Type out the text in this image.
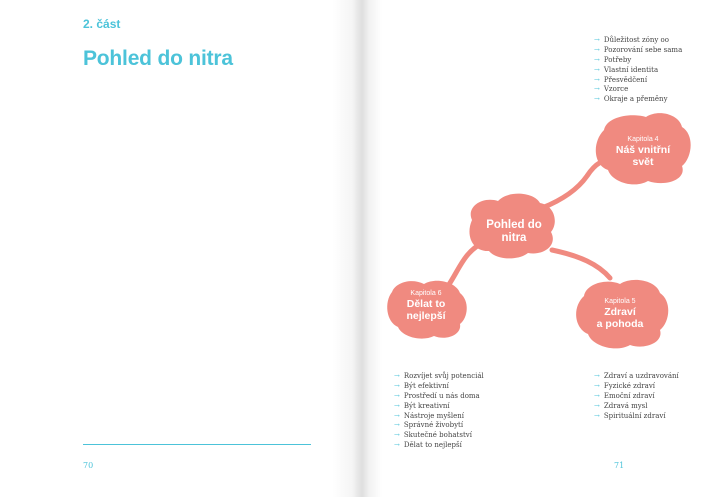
2. část
Pohled do nitra
70
→ Důležitost zóny oo
→ Pozorování sebe sama
→ Potřeby
→ Vlastní identita
→ Přesvědčení
→ Vzorce
→ Okraje a přeměny
→ Rozvíjet svůj potenciál
→ Být efektivní
→ Prostředí u nás doma
→ Být kreativní
→ Nástroje myšlení
→ Správné živobytí
→ Skutečné bohatství
→ Dělat to nejlepší
→ Zdraví a uzdravování
→ Fyzické zdraví
→ Emoční zdraví
→ Zdravá mysl
→ Spirituální zdraví
71
Kapitola 4
Náš vnitřní
svět
Pohled do
nitra
Kapitola 5
Zdraví
a pohoda
Kapitola 6
Dělat to
nejlepší
